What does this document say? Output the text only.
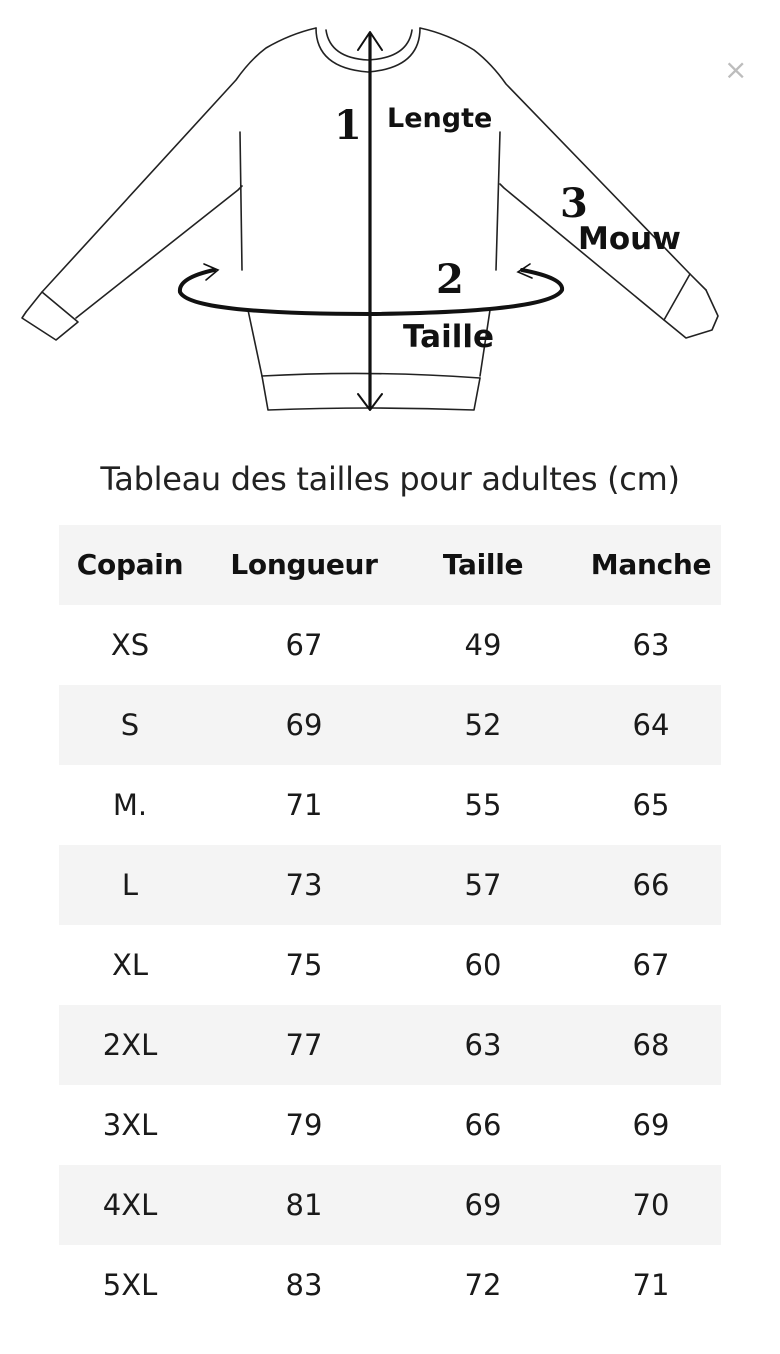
1 Lengte
2
Taille
3
Mouw
×
Tableau des tailles pour adultes (cm)
Copain Longueur Taille Manche
XS	67	49	63
S	69	52	64
M.	71	55	65
L	73	57	66
XL	75	60	67
2XL	77	63	68
3XL	79	66	69
4XL	81	69	70
5XL	83	72	71
